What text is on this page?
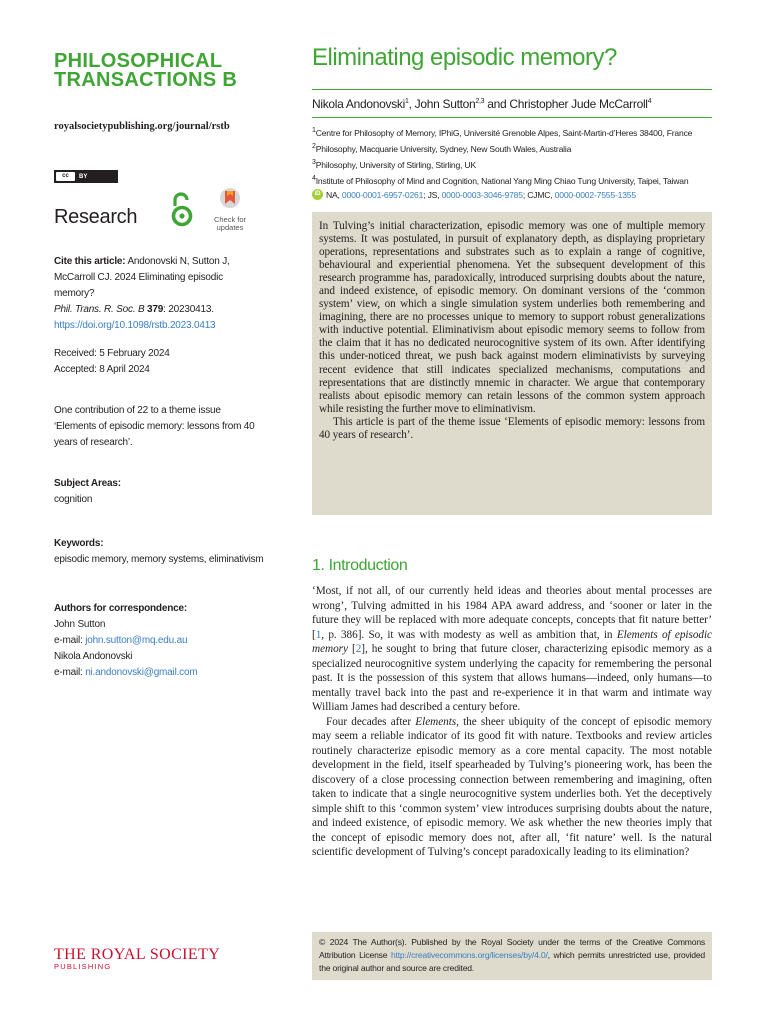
PHILOSOPHICAL
TRANSACTIONS B
royalsocietypublishing.org/journal/rstb
cc	BY
Research	Check for
updates
Cite this article: Andonovski N, Sutton J, McCarroll CJ. 2024 Eliminating episodic memory?
Phil. Trans. R. Soc. B 379: 20230413.
https://doi.org/10.1098/rstb.2023.0413
Received: 5 February 2024
Accepted: 8 April 2024
One contribution of 22 to a theme issue ‘Elements of episodic memory: lessons from 40 years of research’.
Subject Areas:
cognition
Keywords:
episodic memory, memory systems, eliminativism
Authors for correspondence:
John Sutton
e-mail: john.sutton@mq.edu.au
Nikola Andonovski
e-mail: ni.andonovski@gmail.com
THE ROYAL SOCIETY
PUBLISHING
Eliminating episodic memory?
Nikola Andonovski$^1$, John Sutton$^{2,3}$ and Christopher Jude McCarroll$^4$
$^1$Centre for Philosophy of Memory, IPhiG, Université Grenoble Alpes, Saint-Martin-d’Heres 38400, France
$^2$Philosophy, Macquarie University, Sydney, New South Wales, Australia
$^3$Philosophy, University of Stirling, Stirling, UK
$^4$Institute of Philosophy of Mind and Cognition, National Yang Ming Chiao Tung University, Taipei, Taiwan
iD NA, 0000-0001-6957-0261; JS, 0000-0003-3046-9785; CJMC, 0000-0002-7555-1355

In Tulving’s initial characterization, episodic memory was one of multiple memory systems. It was postulated, in pursuit of explanatory depth, as displaying proprietary operations, representations and substrates such as to explain a range of cognitive, behavioural and experiential phenomena. Yet the subsequent development of this research programme has, paradoxically, introduced surprising doubts about the nature, and indeed existence, of episodic memory. On dominant versions of the ‘common system’ view, on which a single simulation system underlies both remembering and imagining, there are no processes unique to memory to support robust generalizations with inductive potential. Eliminativism about episodic memory seems to follow from the claim that it has no dedicated neurocognitive system of its own. After identifying this under-noticed threat, we push back against modern eliminativists by surveying recent evidence that still indicates specialized mechanisms, computations and representations that are distinctly mnemic in character. We argue that contemporary realists about episodic memory can retain lessons of the common system approach while resisting the further move to eliminativism.

This article is part of the theme issue ‘Elements of episodic memory: lessons from 40 years of research’.

1. Introduction

‘Most, if not all, of our currently held ideas and theories about mental processes are wrong’, Tulving admitted in his 1984 APA award address, and ‘sooner or later in the future they will be replaced with more adequate concepts, concepts that fit nature better’ [1, p. 386]. So, it was with modesty as well as ambition that, in Elements of episodic memory [2], he sought to bring that future closer, characterizing episodic memory as a specialized neurocognitive system underlying the capacity for remembering the personal past. It is the possession of this system that allows humans—indeed, only humans—to mentally travel back into the past and re-experience it in that warm and intimate way William James had described a century before.

Four decades after Elements, the sheer ubiquity of the concept of episodic memory may seem a reliable indicator of its good fit with nature. Textbooks and review articles routinely characterize episodic memory as a core mental capacity. The most notable development in the field, itself spearheaded by Tulving’s pioneering work, has been the discovery of a close processing connection between remembering and imagining, often taken to indicate that a single neurocognitive system underlies both. Yet the deceptively simple shift to this ‘common system’ view introduces surprising doubts about the nature, and indeed existence, of episodic memory. We ask whether the new theories imply that the concept of episodic memory does not, after all, ‘fit nature’ well. Is the natural scientific development of Tulving’s concept paradoxically leading to its elimination?

© 2024 The Author(s). Published by the Royal Society under the terms of the Creative Commons Attribution License http://creativecommons.org/licenses/by/4.0/, which permits unrestricted use, provided the original author and source are credited.
